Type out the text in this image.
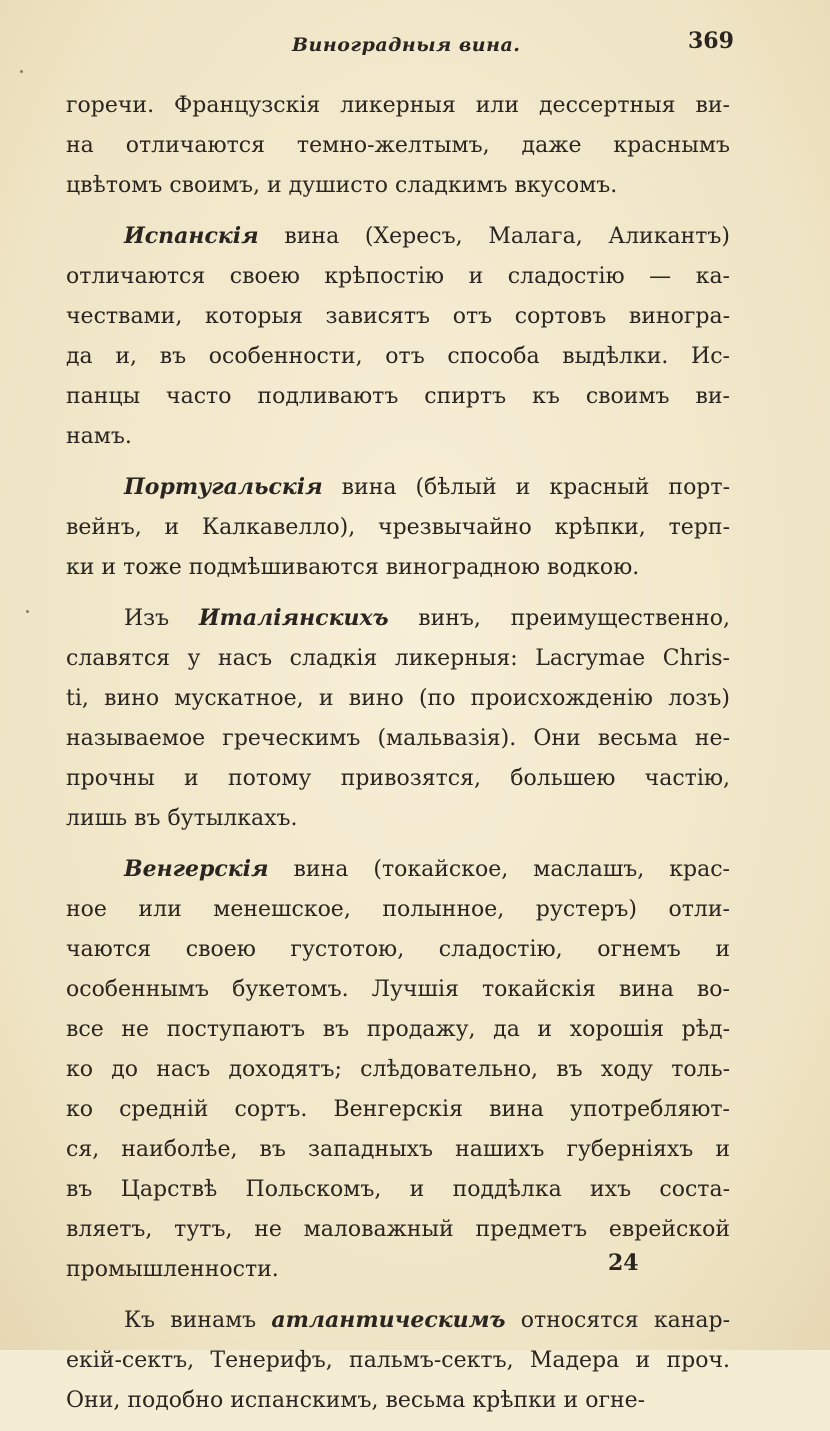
Виноградныя вина.	369
горечи. Французскія ликерныя или дессертныя ви-
на отличаются темно-желтымъ, даже краснымъ
цвѣтомъ своимъ, и душисто сладкимъ вкусомъ.
Испанскія вина (Хересъ, Малага, Аликантъ)
отличаются своею крѣпостію и сладостію — ка-
чествами, которыя зависятъ отъ сортовъ виногра-
да и, въ особенности, отъ способа выдѣлки. Ис-
панцы часто подливаютъ спиртъ къ своимъ ви-
намъ.
Португальскія вина (бѣлый и красный порт-
вейнъ, и Калкавелло), чрезвычайно крѣпки, терп-
ки и тоже подмѣшиваются виноградною водкою.
Изъ Италіянскихъ винъ, преимущественно,
славятся у насъ сладкія ликерныя: Lacrymae Chris-
ti, вино мускатное, и вино (по происхожденію лозъ)
называемое греческимъ (мальвазія). Они весьма не-
прочны и потому привозятся, большею частію,
лишь въ бутылкахъ.
Венгерскія вина (токайское, маслашъ, крас-
ное или менешское, полынное, рустеръ) отли-
чаются своею густотою, сладостію, огнемъ и
особеннымъ букетомъ. Лучшія токайскія вина во-
все не поступаютъ въ продажу, да и хорошія рѣд-
ко до насъ доходятъ; слѣдовательно, въ ходу толь-
ко средній сортъ. Венгерскія вина употребляют-
ся, наиболѣе, въ западныхъ нашихъ губерніяхъ и
въ Царствѣ Польскомъ, и поддѣлка ихъ соста-
вляетъ, тутъ, не маловажный предметъ еврейской
промышленности.
Къ винамъ атлантическимъ относятся канар-
екій-сектъ, Тенерифъ, пальмъ-сектъ, Мадера и проч.
Они, подобно испанскимъ, весьма крѣпки и огне-
24
